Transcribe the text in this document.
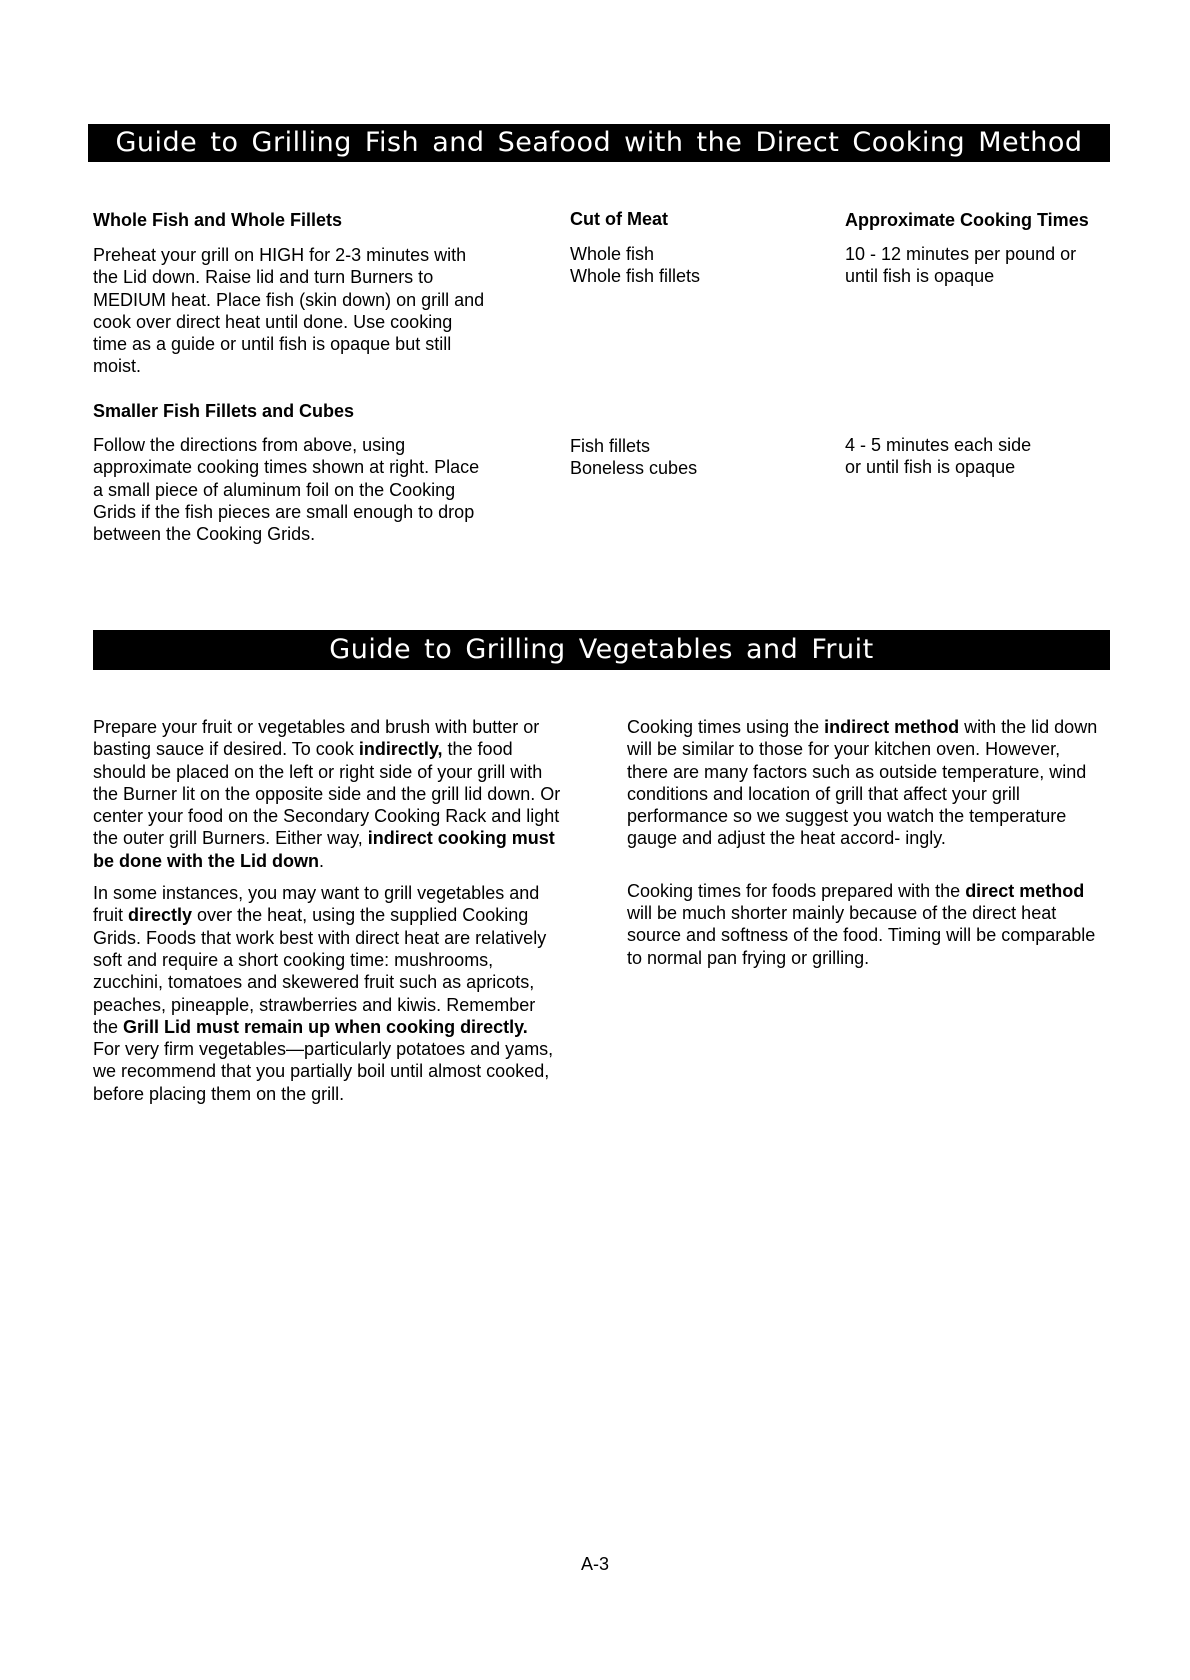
Guide to Grilling Fish and Seafood with the Direct Cooking Method
Whole Fish and Whole Fillets	Cut of Meat	Approximate Cooking Times
Preheat your grill on HIGH for 2-3 minutes with the Lid down. Raise lid and turn Burners to MEDIUM heat. Place fish (skin down) on grill and cook over direct heat until done. Use cooking time as a guide or until fish is opaque but still moist.
Whole fish
Whole fish fillets
10 - 12 minutes per pound or
until fish is opaque
Smaller Fish Fillets and Cubes
Follow the directions from above, using approximate cooking times shown at right. Place a small piece of aluminum foil on the Cooking Grids if the fish pieces are small enough to drop between the Cooking Grids.
Fish fillets
Boneless cubes
4 - 5 minutes each side
or until fish is opaque
Guide to Grilling Vegetables and Fruit

Prepare your fruit or vegetables and brush with butter or basting sauce if desired. To cook indirectly, the food should be placed on the left or right side of your grill with the Burner lit on the opposite side and the grill lid down. Or center your food on the Secondary Cooking Rack and light the outer grill Burners. Either way, indirect cooking must be done with the Lid down.

In some instances, you may want to grill vegetables and fruit directly over the heat, using the supplied Cooking Grids. Foods that work best with direct heat are relatively soft and require a short cooking time: mushrooms, zucchini, tomatoes and skewered fruit such as apricots, peaches, pineapple, strawberries and kiwis. Remember the Grill Lid must remain up when cooking directly.

For very firm vegetables—particularly potatoes and yams, we recommend that you partially boil until almost cooked, before placing them on the grill.

Cooking times using the indirect method with the lid down will be similar to those for your kitchen oven. However, there are many factors such as outside temperature, wind conditions and location of grill that affect your grill performance so we suggest you watch the temperature gauge and adjust the heat accord- ingly.

Cooking times for foods prepared with the direct method will be much shorter mainly because of the direct heat source and softness of the food. Timing will be comparable to normal pan frying or grilling.

A-3
